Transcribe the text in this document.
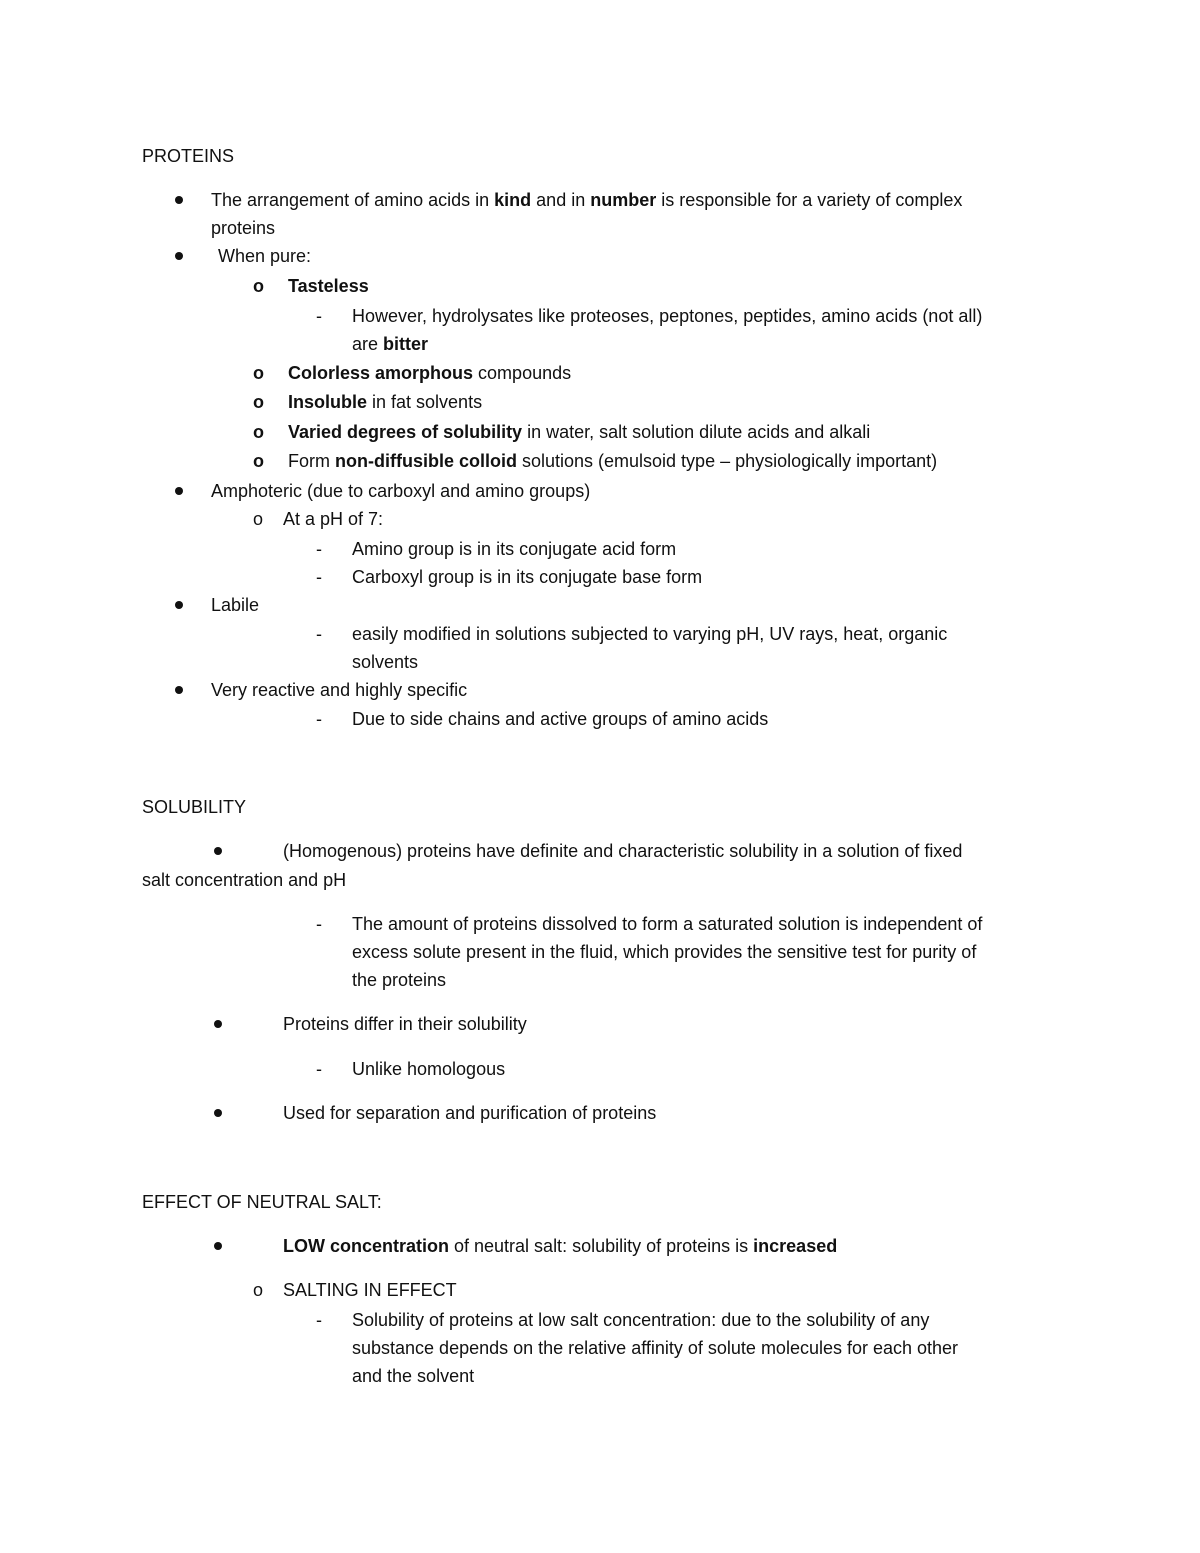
PROTEINS
The arrangement of amino acids in kind and in number is responsible for a variety of complex
proteins
When pure:
o Tasteless
- However, hydrolysates like proteoses, peptones, peptides, amino acids (not all)
are bitter
o Colorless amorphous compounds
o Insoluble in fat solvents
o Varied degrees of solubility in water, salt solution dilute acids and alkali
o Form non-diffusible colloid solutions (emulsoid type – physiologically important)
Amphoteric (due to carboxyl and amino groups)
o At a pH of 7:
- Amino group is in its conjugate acid form
- Carboxyl group is in its conjugate base form
Labile
- easily modified in solutions subjected to varying pH, UV rays, heat, organic
solvents
Very reactive and highly specific
- Due to side chains and active groups of amino acids
SOLUBILITY
(Homogenous) proteins have definite and characteristic solubility in a solution of fixed
salt concentration and pH
- The amount of proteins dissolved to form a saturated solution is independent of
excess solute present in the fluid, which provides the sensitive test for purity of
the proteins
Proteins differ in their solubility
- Unlike homologous
Used for separation and purification of proteins
EFFECT OF NEUTRAL SALT:
LOW concentration of neutral salt: solubility of proteins is increased
o SALTING IN EFFECT
- Solubility of proteins at low salt concentration: due to the solubility of any
substance depends on the relative affinity of solute molecules for each other
and the solvent
